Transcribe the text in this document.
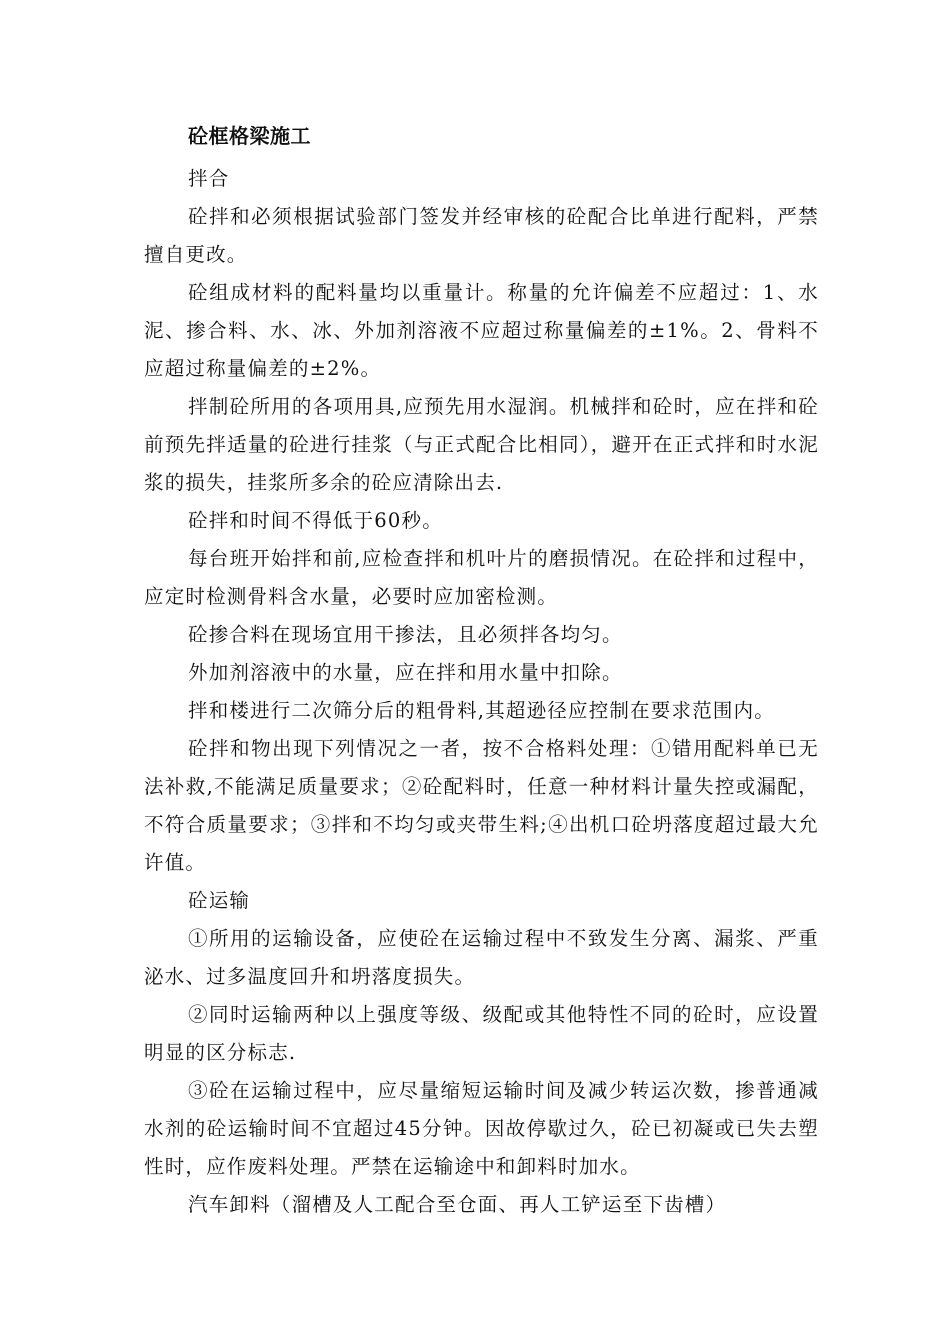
砼框格梁施工

拌合

砼拌和必须根据试验部门签发并经审核的砼配合比单进行配料，严禁擅自更改。

砼组成材料的配料量均以重量计。称量的允许偏差不应超过：1、水泥、掺合料、水、冰、外加剂溶液不应超过称量偏差的±1%。2、骨料不应超过称量偏差的±2%。

拌制砼所用的各项用具,应预先用水湿润。机械拌和砼时，应在拌和砼前预先拌适量的砼进行挂浆（与正式配合比相同），避开在正式拌和时水泥浆的损失，挂浆所多余的砼应清除出去.

砼拌和时间不得低于60秒。

每台班开始拌和前,应检查拌和机叶片的磨损情况。在砼拌和过程中，应定时检测骨料含水量，必要时应加密检测。

砼掺合料在现场宜用干掺法，且必须拌各均匀。

外加剂溶液中的水量，应在拌和用水量中扣除。

拌和楼进行二次筛分后的粗骨料,其超逊径应控制在要求范围内。

砼拌和物出现下列情况之一者，按不合格料处理：①错用配料单已无法补救,不能满足质量要求；②砼配料时，任意一种材料计量失控或漏配，不符合质量要求；③拌和不均匀或夹带生料;④出机口砼坍落度超过最大允许值。

砼运输

①所用的运输设备，应使砼在运输过程中不致发生分离、漏浆、严重泌水、过多温度回升和坍落度损失。

②同时运输两种以上强度等级、级配或其他特性不同的砼时，应设置明显的区分标志.

③砼在运输过程中，应尽量缩短运输时间及减少转运次数，掺普通减水剂的砼运输时间不宜超过45分钟。因故停歇过久，砼已初凝或已失去塑性时，应作废料处理。严禁在运输途中和卸料时加水。

汽车卸料（溜槽及人工配合至仓面、再人工铲运至下齿槽）
